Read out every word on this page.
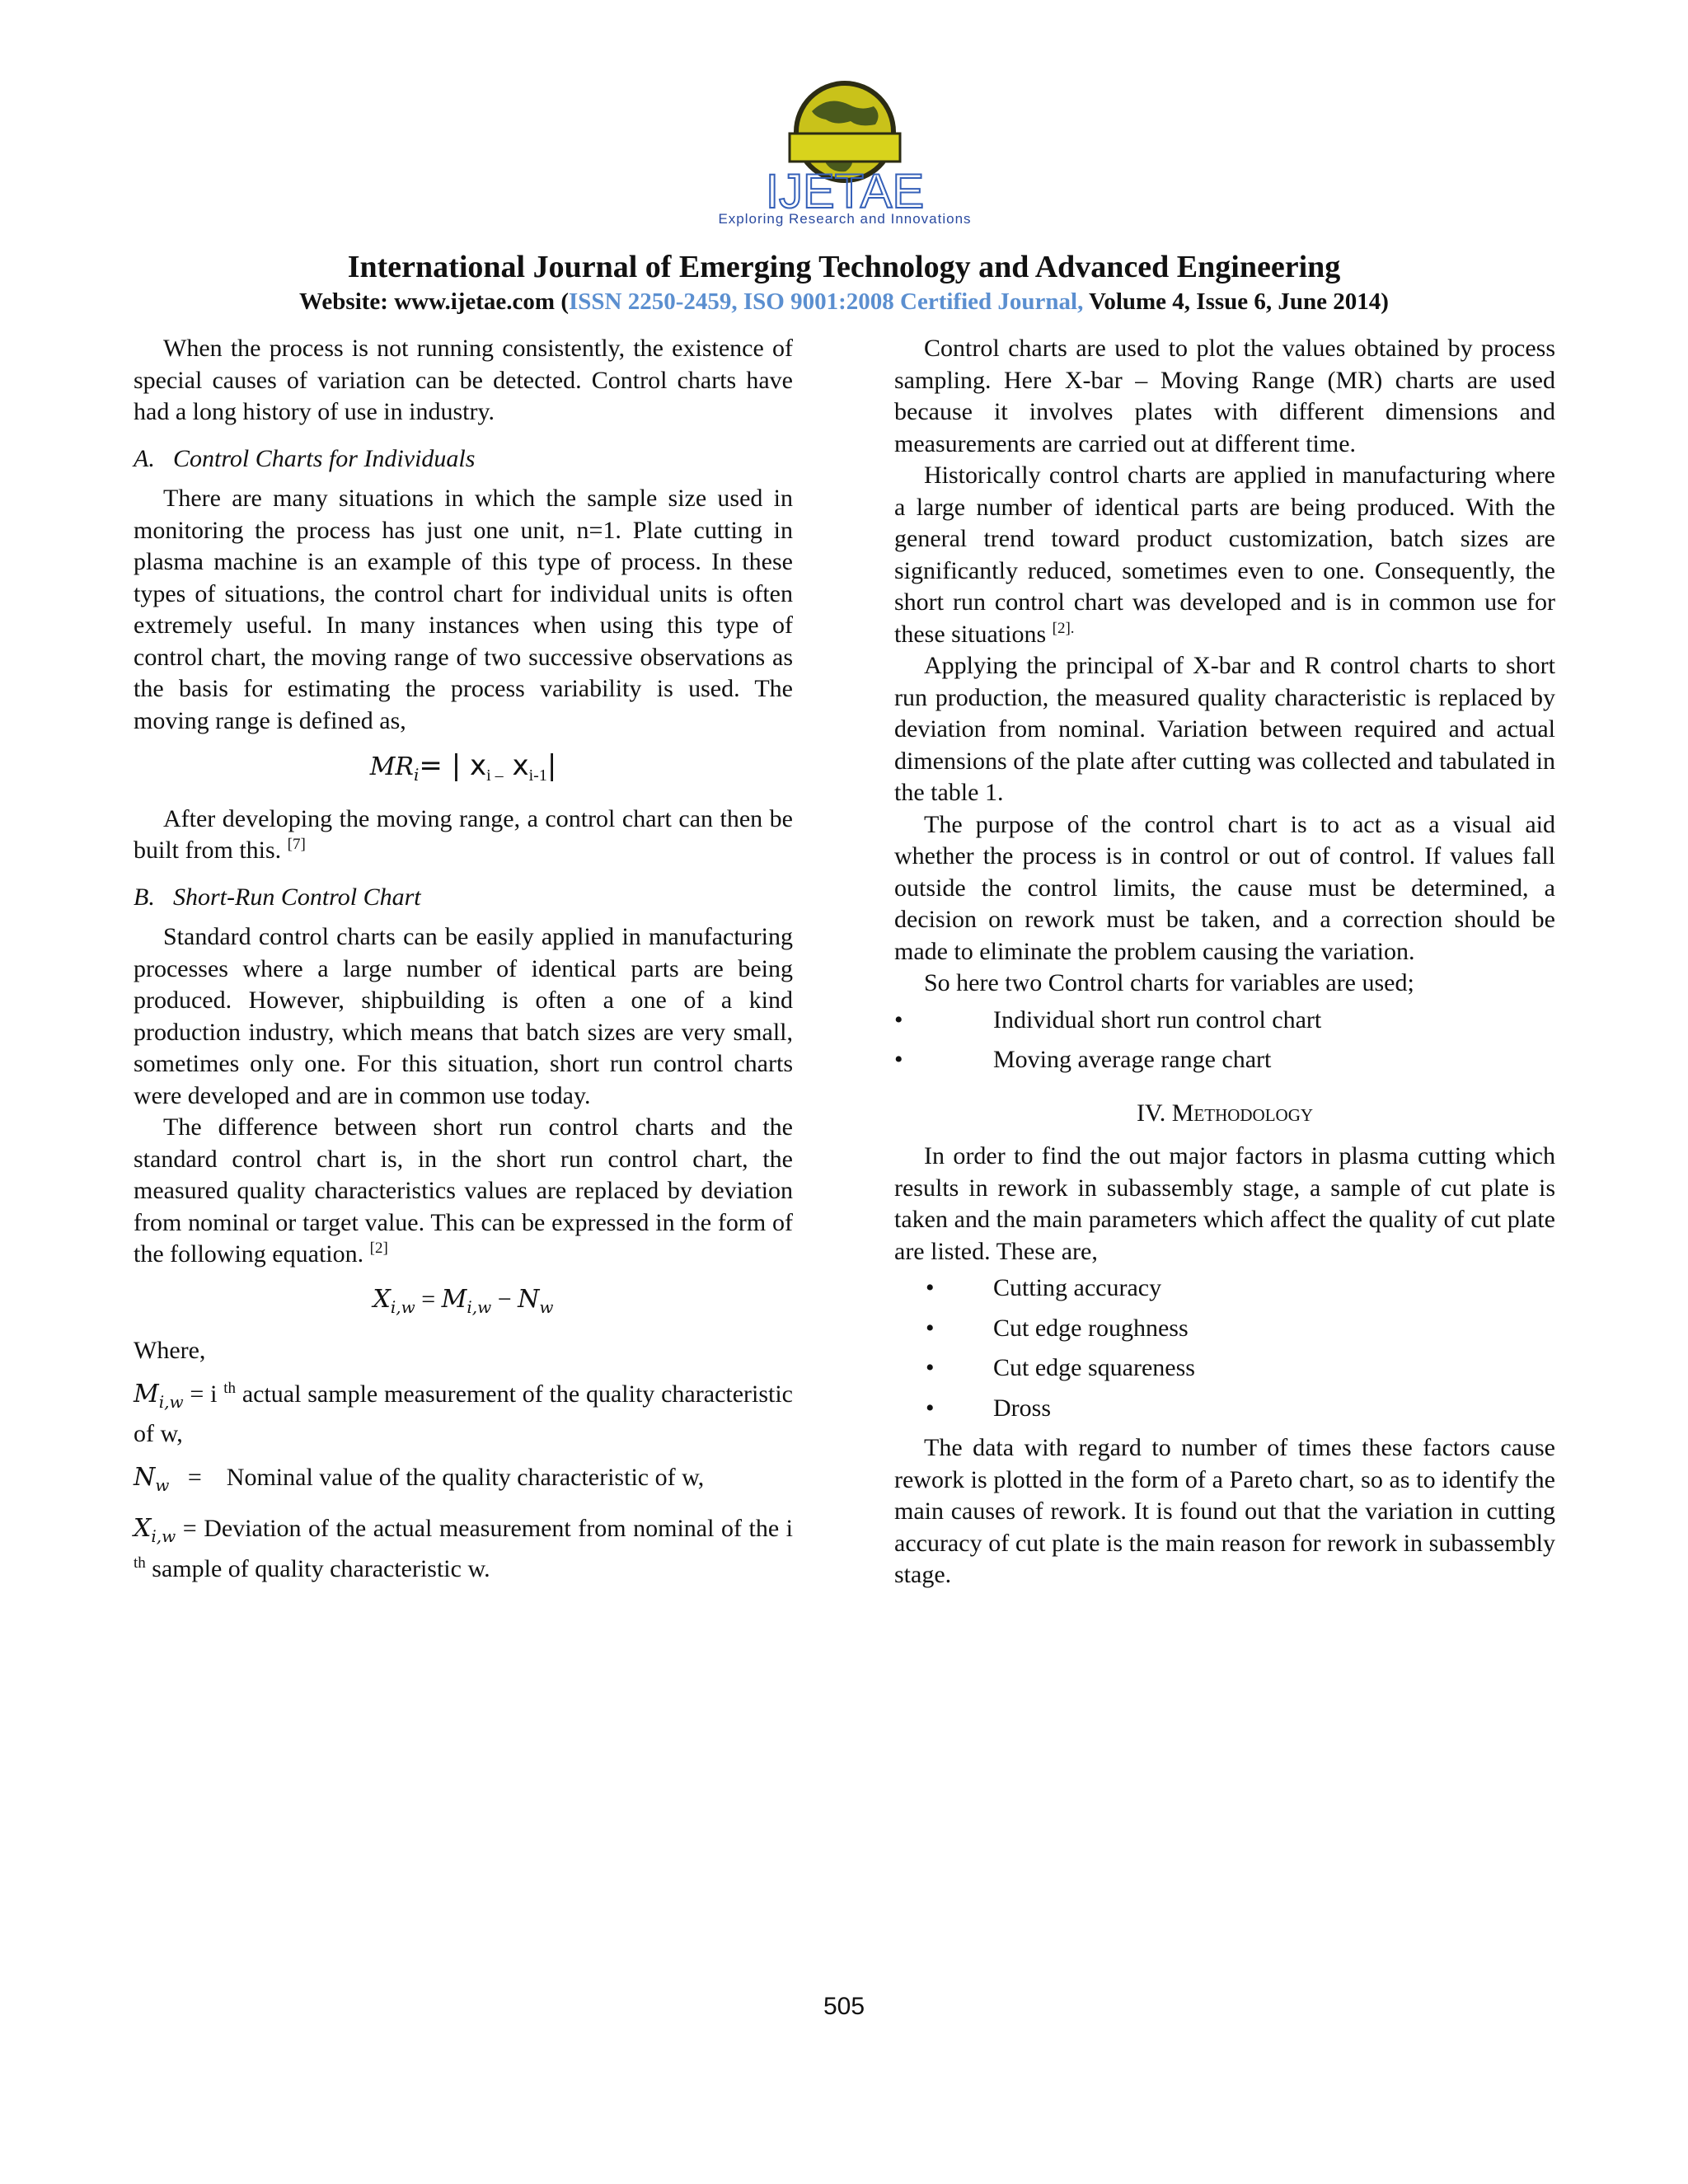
IJETAE
Exploring Research and Innovations
International Journal of Emerging Technology and Advanced Engineering
Website: www.ijetae.com (ISSN 2250-2459, ISO 9001:2008 Certified Journal, Volume 4, Issue 6, June 2014)

When the process is not running consistently, the existence of special causes of variation can be detected. Control charts have had a long history of use in industry.

A. Control Charts for Individuals

There are many situations in which the sample size used in monitoring the process has just one unit, n=1. Plate cutting in plasma machine is an example of this type of process. In these types of situations, the control chart for individual units is often extremely useful. In many instances when using this type of control chart, the moving range of two successive observations as the basis for estimating the process variability is used. The moving range is defined as,

$MR_i=$ | $x_{i -}$ $x_{i-1}|$

After developing the moving range, a control chart can then be built from this. [7]

B. Short-Run Control Chart

Standard control charts can be easily applied in manufacturing processes where a large number of identical parts are being produced. However, shipbuilding is often a one of a kind production industry, which means that batch sizes are very small, sometimes only one. For this situation, short run control charts were developed and are in common use today.

The difference between short run control charts and the standard control chart is, in the short run control chart, the measured quality characteristics values are replaced by deviation from nominal or target value. This can be expressed in the form of the following equation. [2]

$X_{i,w} = M_{i,w} - N_w$

Where,

$M_{i,w} = i$ $^{th}$ actual sample measurement of the quality characteristic of w,

$N_w$   =    Nominal value of the quality characteristic of w,

$X_{i,w}$ = Deviation of the actual measurement from nominal of the i $^{th}$ sample of quality characteristic w.

Control charts are used to plot the values obtained by process sampling. Here X-bar – Moving Range (MR) charts are used because it involves plates with different dimensions and measurements are carried out at different time.

Historically control charts are applied in manufacturing where a large number of identical parts are being produced. With the general trend toward product customization, batch sizes are significantly reduced, sometimes even to one. Consequently, the short run control chart was developed and is in common use for these situations $^{[2].}$

Applying the principal of X-bar and R control charts to short run production, the measured quality characteristic is replaced by deviation from nominal. Variation between required and actual dimensions of the plate after cutting was collected and tabulated in the table 1.

The purpose of the control chart is to act as a visual aid whether the process is in control or out of control. If values fall outside the control limits, the cause must be determined, a decision on rework must be taken, and a correction should be made to eliminate the problem causing the variation.

So here two Control charts for variables are used;

•	Individual short run control chart
•	Moving average range chart
IV. Methodology

In order to find the out major factors in plasma cutting which results in rework in subassembly stage, a sample of cut plate is taken and the main parameters which affect the quality of cut plate are listed. These are,

• Cutting accuracy
• Cut edge roughness
• Cut edge squareness
• Dross

The data with regard to number of times these factors cause rework is plotted in the form of a Pareto chart, so as to identify the main causes of rework. It is found out that the variation in cutting accuracy of cut plate is the main reason for rework in subassembly stage.

505
